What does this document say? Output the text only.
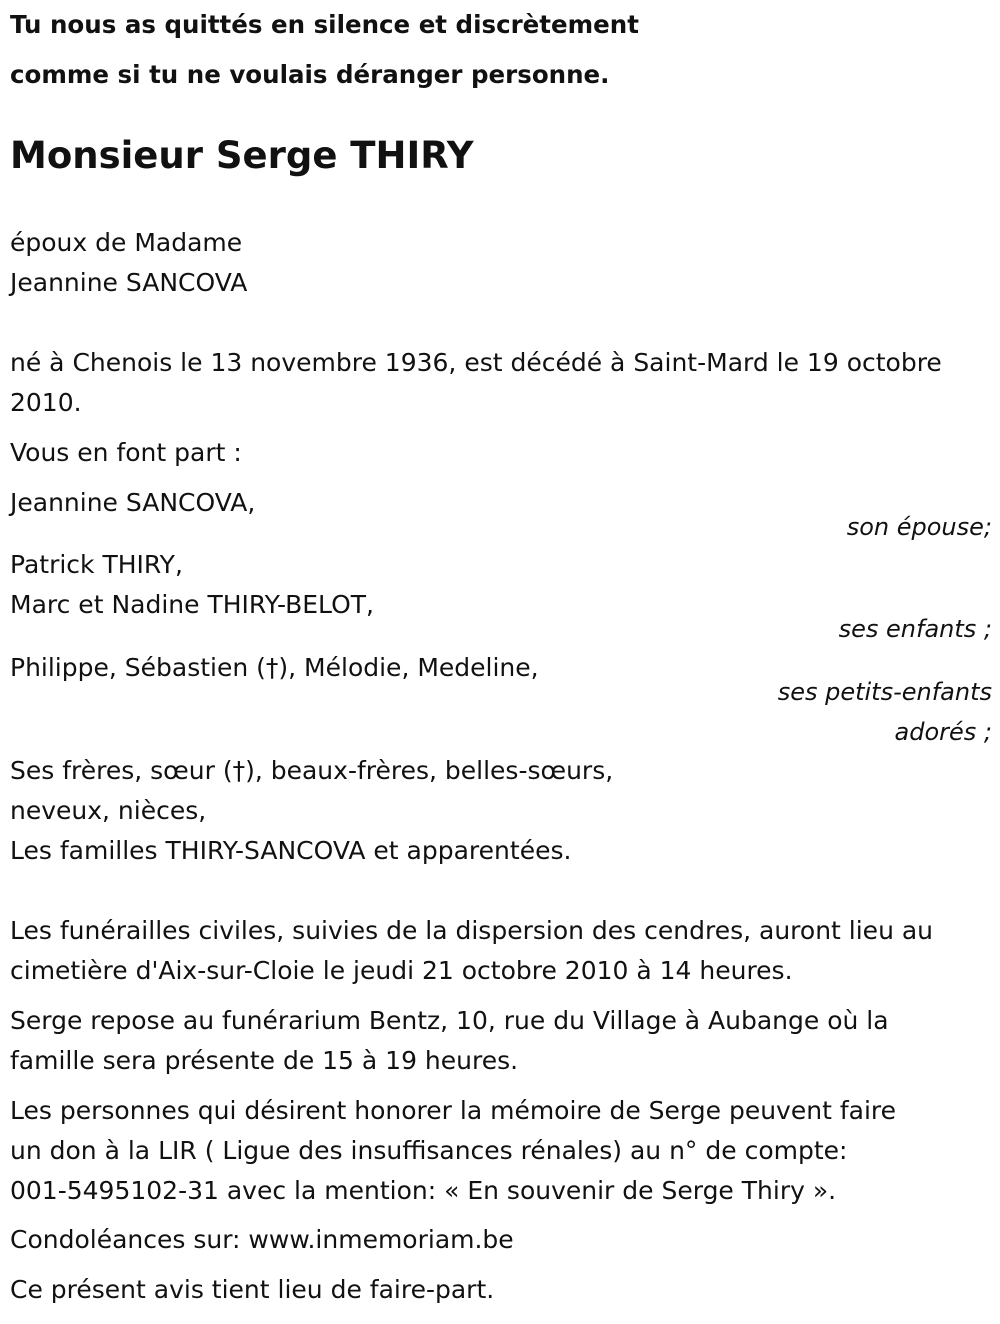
Tu nous as quittés en silence et discrètement
comme si tu ne voulais déranger personne.
Monsieur Serge THIRY
époux de Madame
Jeannine SANCOVA
né à Chenois le 13 novembre 1936, est décédé à Saint-Mard le 19 octobre
2010.
Vous en font part :
Jeannine SANCOVA,
son épouse;
Patrick THIRY,
Marc et Nadine THIRY-BELOT,
ses enfants ;
Philippe, Sébastien (†), Mélodie, Medeline,
ses petits-enfants
adorés ;
Ses frères, sœur (†), beaux-frères, belles-sœurs,
neveux, nièces,
Les familles THIRY-SANCOVA et apparentées.
Les funérailles civiles, suivies de la dispersion des cendres, auront lieu au
cimetière d'Aix-sur-Cloie le jeudi 21 octobre 2010 à 14 heures.
Serge repose au funérarium Bentz, 10, rue du Village à Aubange où la
famille sera présente de 15 à 19 heures.
Les personnes qui désirent honorer la mémoire de Serge peuvent faire
un don à la LIR ( Ligue des insuffisances rénales) au n° de compte:
001-5495102-31 avec la mention: « En souvenir de Serge Thiry ».
Condoléances sur: www.inmemoriam.be
Ce présent avis tient lieu de faire-part.
